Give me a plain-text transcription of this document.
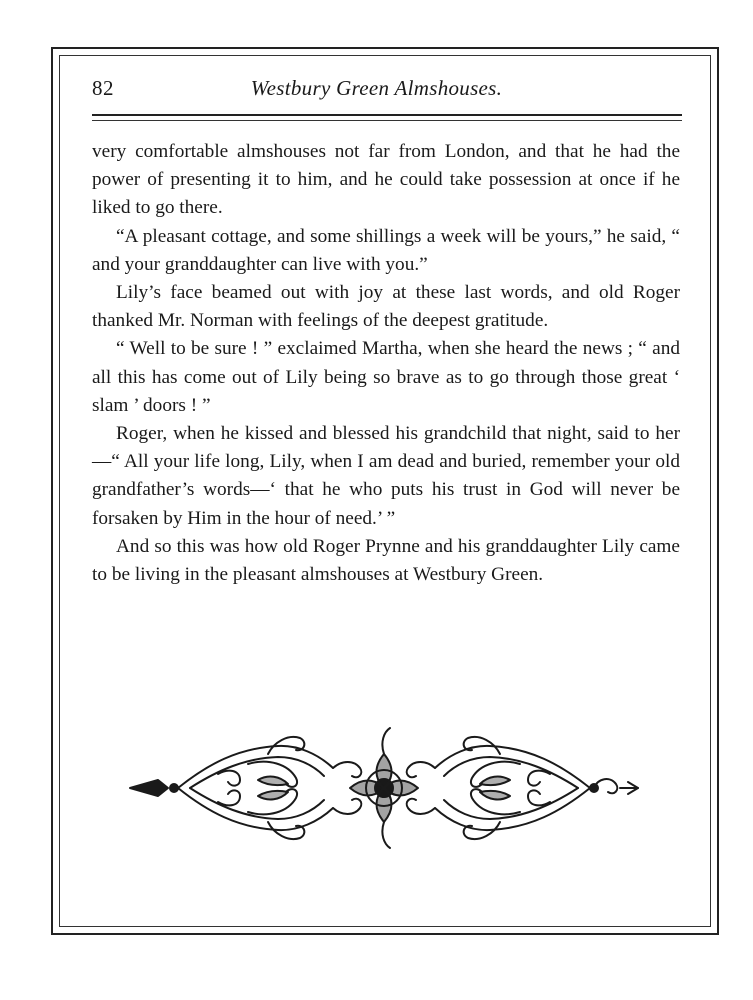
82	Westbury Green Almshouses.

very comfortable almshouses not far from London, and that he had the power of presenting it to him, and he could take possession at once if he liked to go there.

“A pleasant cottage, and some shillings a week will be yours,” he said, “ and your granddaughter can live with you.”

Lily’s face beamed out with joy at these last words, and old Roger thanked Mr. Norman with feelings of the deepest gratitude.

“ Well to be sure ! ” exclaimed Martha, when she heard the news ; “ and all this has come out of Lily being so brave as to go through those great ‘ slam ’ doors ! ”

Roger, when he kissed and blessed his grandchild that night, said to her—“ All your life long, Lily, when I am dead and buried, remember your old grandfather’s words—‘ that he who puts his trust in God will never be forsaken by Him in the hour of need.’ ”

And so this was how old Roger Prynne and his granddaughter Lily came to be living in the pleasant almshouses at Westbury Green.
